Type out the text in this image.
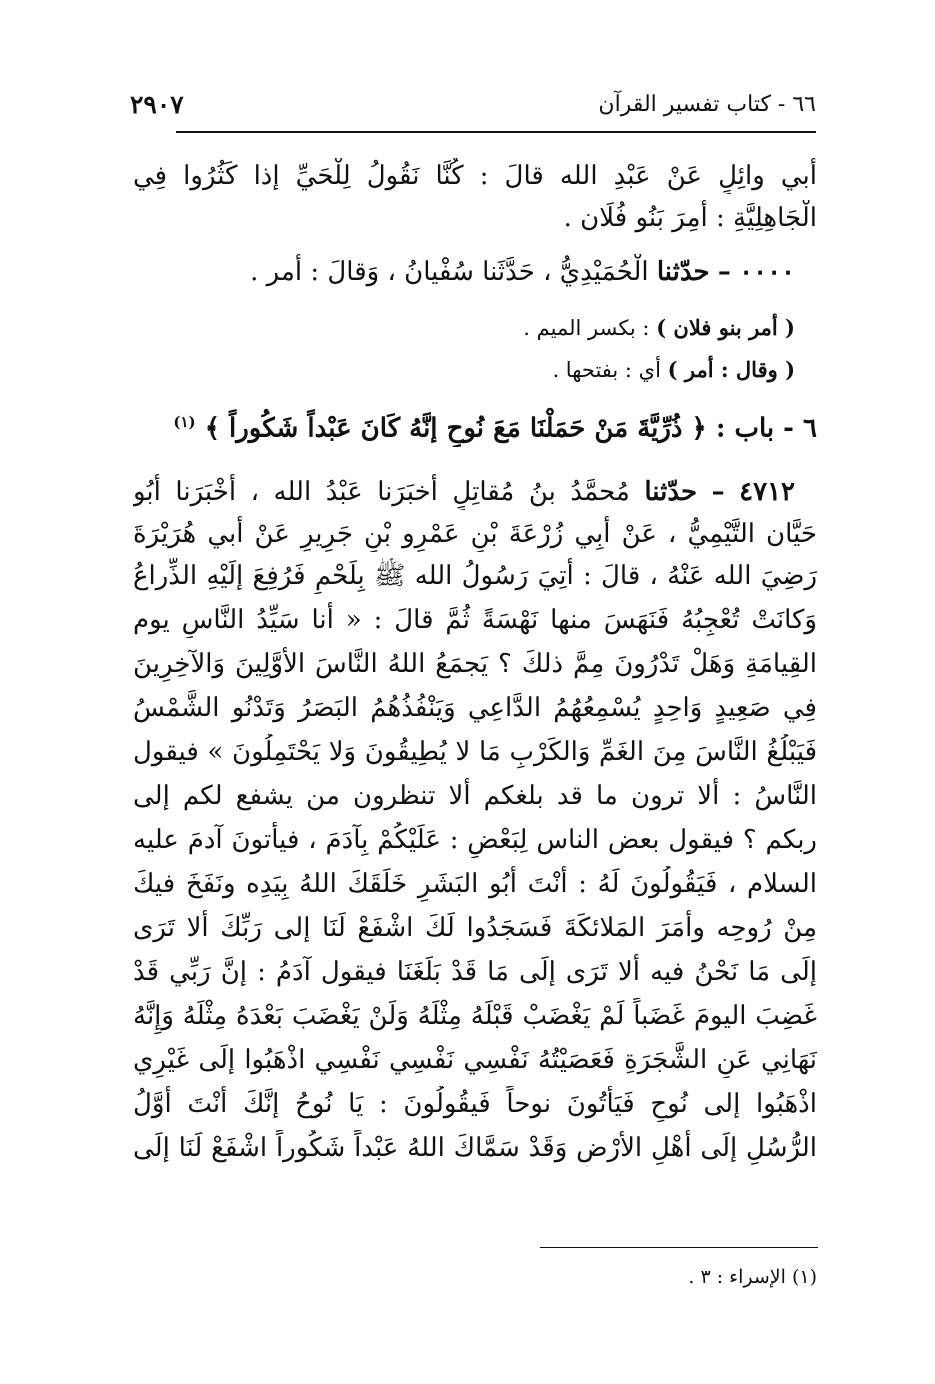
٦٦ - كتاب تفسير القرآن
٢٩٠٧
أَبي وائِلٍ عَنْ عَبْدِ الله قالَ : كُنَّا نَقُولُ لِلْحَيِّ إذا كَثُرُوا فِي
الْجَاهِلِيَّةِ : أَمِرَ بَنُو فُلَان .
٠٠٠٠ – حدّثنا الْحُمَيْدِيُّ ، حَدَّثَنا سُفْيانُ ، وَقالَ : أمر .
( أمر بنو فلان ) : بكسر الميم .
( وقال : أمر ) أي : بفتحها .
٦ - باب : ﴿ ذُرِّيَّةَ مَنْ حَمَلْنَا مَعَ نُوحٍ إنَّهُ كَانَ عَبْداً شَكُوراً ﴾ $^{(١)}$
٤٧١٢ – حدّثنا مُحمَّدُ بنُ مُقاتِلٍ أَخبَرَنا عَبْدُ الله ، أخْبَرَنا أَبُو
حَيَّان التَّيْمِيُّ ، عَنْ أَبِي زُرْعَةَ بْنِ عَمْرِو بْنِ جَرِيرٍ عَنْ أَبي هُرَيْرَةَ
رَضِيَ الله عَنْهُ ، قالَ : أُتِيَ رَسُولُ الله ﷺ بِلَحْمٍ فَرُفِعَ إلَيْهِ الذِّراعُ
وَكانَتْ تُعْجِبُهُ فَنَهَسَ منها نَهْسَةً ثُمَّ قالَ : « أنا سَيِّدُ النَّاسِ يوم
القِيامَةِ وَهَلْ تَدْرُونَ مِمَّ ذلكَ ؟ يَجمَعُ اللهُ النَّاسَ الأَوَّلِينَ وَالآخِرِينَ
فِي صَعِيدٍ وَاحِدٍ يُسْمِعُهُمُ الدَّاعِي وَيَنْفُذُهُمُ البَصَرُ وَتَدْنُو الشَّمْسُ
فَيَبْلُغُ النَّاسَ مِنَ الغَمِّ وَالكَرْبِ مَا لا يُطِيقُونَ وَلا يَحْتَمِلُونَ » فيقول
النَّاسُ : ألا ترون ما قد بلغكم ألا تنظرون من يشفع لكم إلى
ربكم ؟ فيقول بعض الناس لِبَعْضٍ : عَلَيْكُمْ بِآدَمَ ، فيأتونَ آدمَ عليه
السلام ، فَيَقُولُونَ لَهُ : أَنْتَ أَبُو البَشَرِ خَلَقَكَ اللهُ بِيَدِه ونَفَخَ فيكَ
مِنْ رُوحِه وأَمَرَ المَلائكَةَ فَسَجَدُوا لَكَ اشْفَعْ لَنَا إلى رَبِّكَ أَلا تَرَى
إلَى مَا نَحْنُ فيه أَلا تَرَى إلَى مَا قَدْ بَلَغَنَا فيقول آدَمُ : إنَّ رَبِّي قَدْ
غَضِبَ اليومَ غَضَباً لَمْ يَغْضَبْ قَبْلَهُ مِثْلَهُ وَلَنْ يَغْضَبَ بَعْدَهُ مِثْلَهُ وَإِنَّهُ
نَهَانِي عَنِ الشَّجَرَةِ فَعَصَيْتُهُ نَفْسِي نَفْسِي نَفْسِي اذْهَبُوا إلَى غَيْرِي
اذْهَبُوا إلى نُوحٍ فَيَأْتُونَ نوحاً فَيقُولُونَ : يَا نُوحُ إنَّكَ أَنْتَ أَوَّلُ
الرُّسُلِ إلَى أَهْلِ الأَرْضِ وَقَدْ سَمَّاكَ اللهُ عَبْداً شَكُوراً اشْفَعْ لَنَا إلَى
(١) الإسراء : ٣ .
